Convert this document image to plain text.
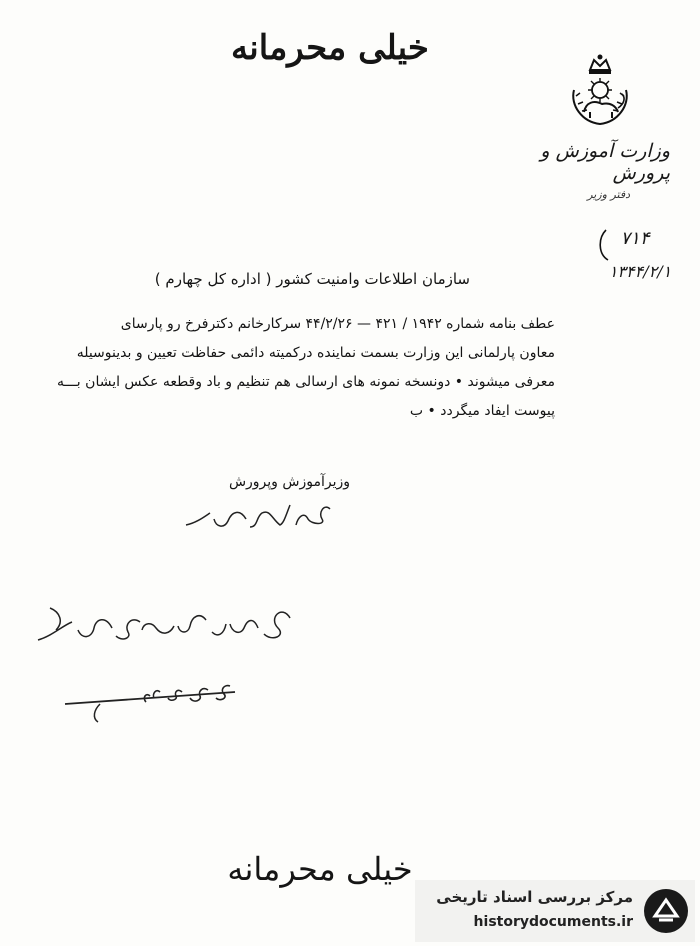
خیلی محرمانه
وزارت آموزش و پرورش
دفتر وزیر
۷۱۴
۱۳۴۴/۲/۱
سازمان اطلاعات وامنیت کشور ( اداره کل چهارم )

عطف بنامه شماره ۱۹۴۲ / ۴۲۱ — ۴۴/۲/۲۶ سرکارخانم دکترفرخ رو پارسای

معاون پارلمانی این وزارت بسمت نماینده درکمیته دائمی حفاظت تعیین و بدینوسیله

معرفی میشوند • دونسخه نمونه های ارسالی هم تنظیم و باد وقطعه عکس ایشان بـــه

پیوست ایفاد میگردد • ب

وزیرآموزش وپرورش
خیلی محرمانه
مرکز بررسی اسناد تاریخی
historydocuments.ir
